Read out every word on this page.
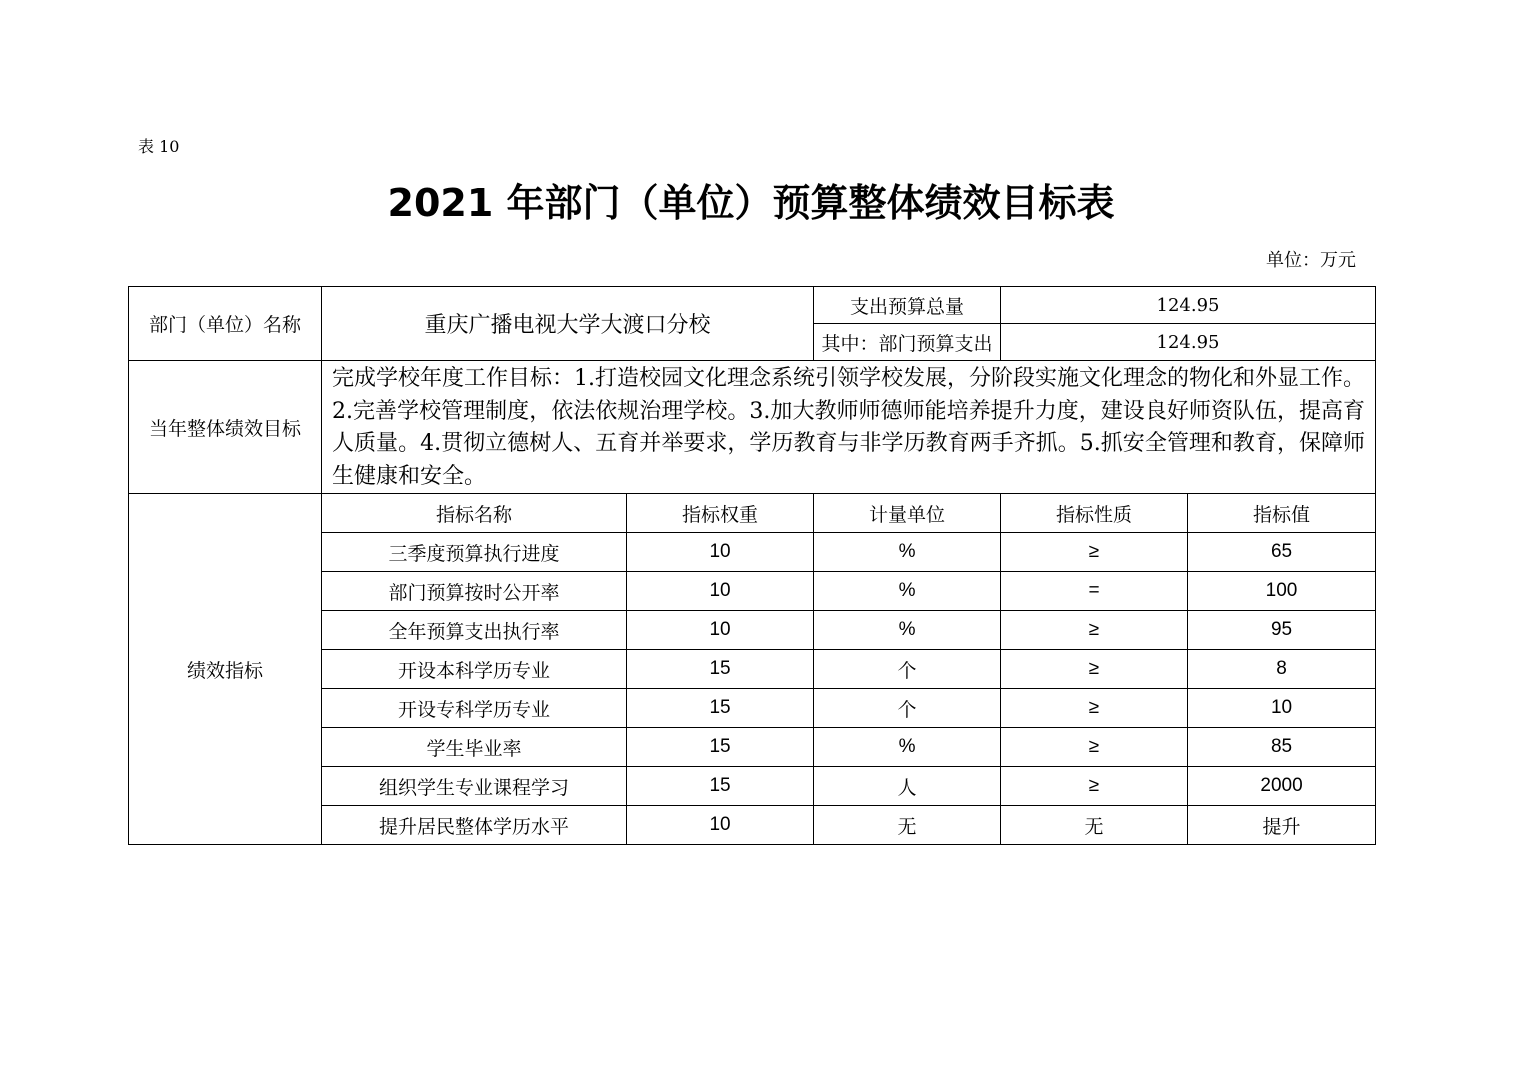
表 10
2021 年部门（单位）预算整体绩效目标表
单位：万元
部门（单位）名称	重庆广播电视大学大渡口分校		支出预算总量	124.95	
			其中：部门预算支出	124.95	
当年整体绩效目标	完成学校年度工作目标：1.打造校园文化理念系统引领学校发展，分阶段实施文化理念的物化和外显工作。2.完善学校管理制度，依法依规治理学校。3.加大教师师德师能培养提升力度，建设良好师资队伍，提高育人质量。4.贯彻立德树人、五育并举要求，学历教育与非学历教育两手齐抓。5.抓安全管理和教育，保障师生健康和安全。				
绩效指标	指标名称	指标权重	计量单位	指标性质	指标值
	三季度预算执行进度	10	%	≥	65
	部门预算按时公开率	10	%	=	100
	全年预算支出执行率	10	%	≥	95
	开设本科学历专业	15	个	≥	8
	开设专科学历专业	15	个	≥	10
	学生毕业率	15	%	≥	85
	组织学生专业课程学习	15	人	≥	2000
	提升居民整体学历水平	10	无	无	提升
